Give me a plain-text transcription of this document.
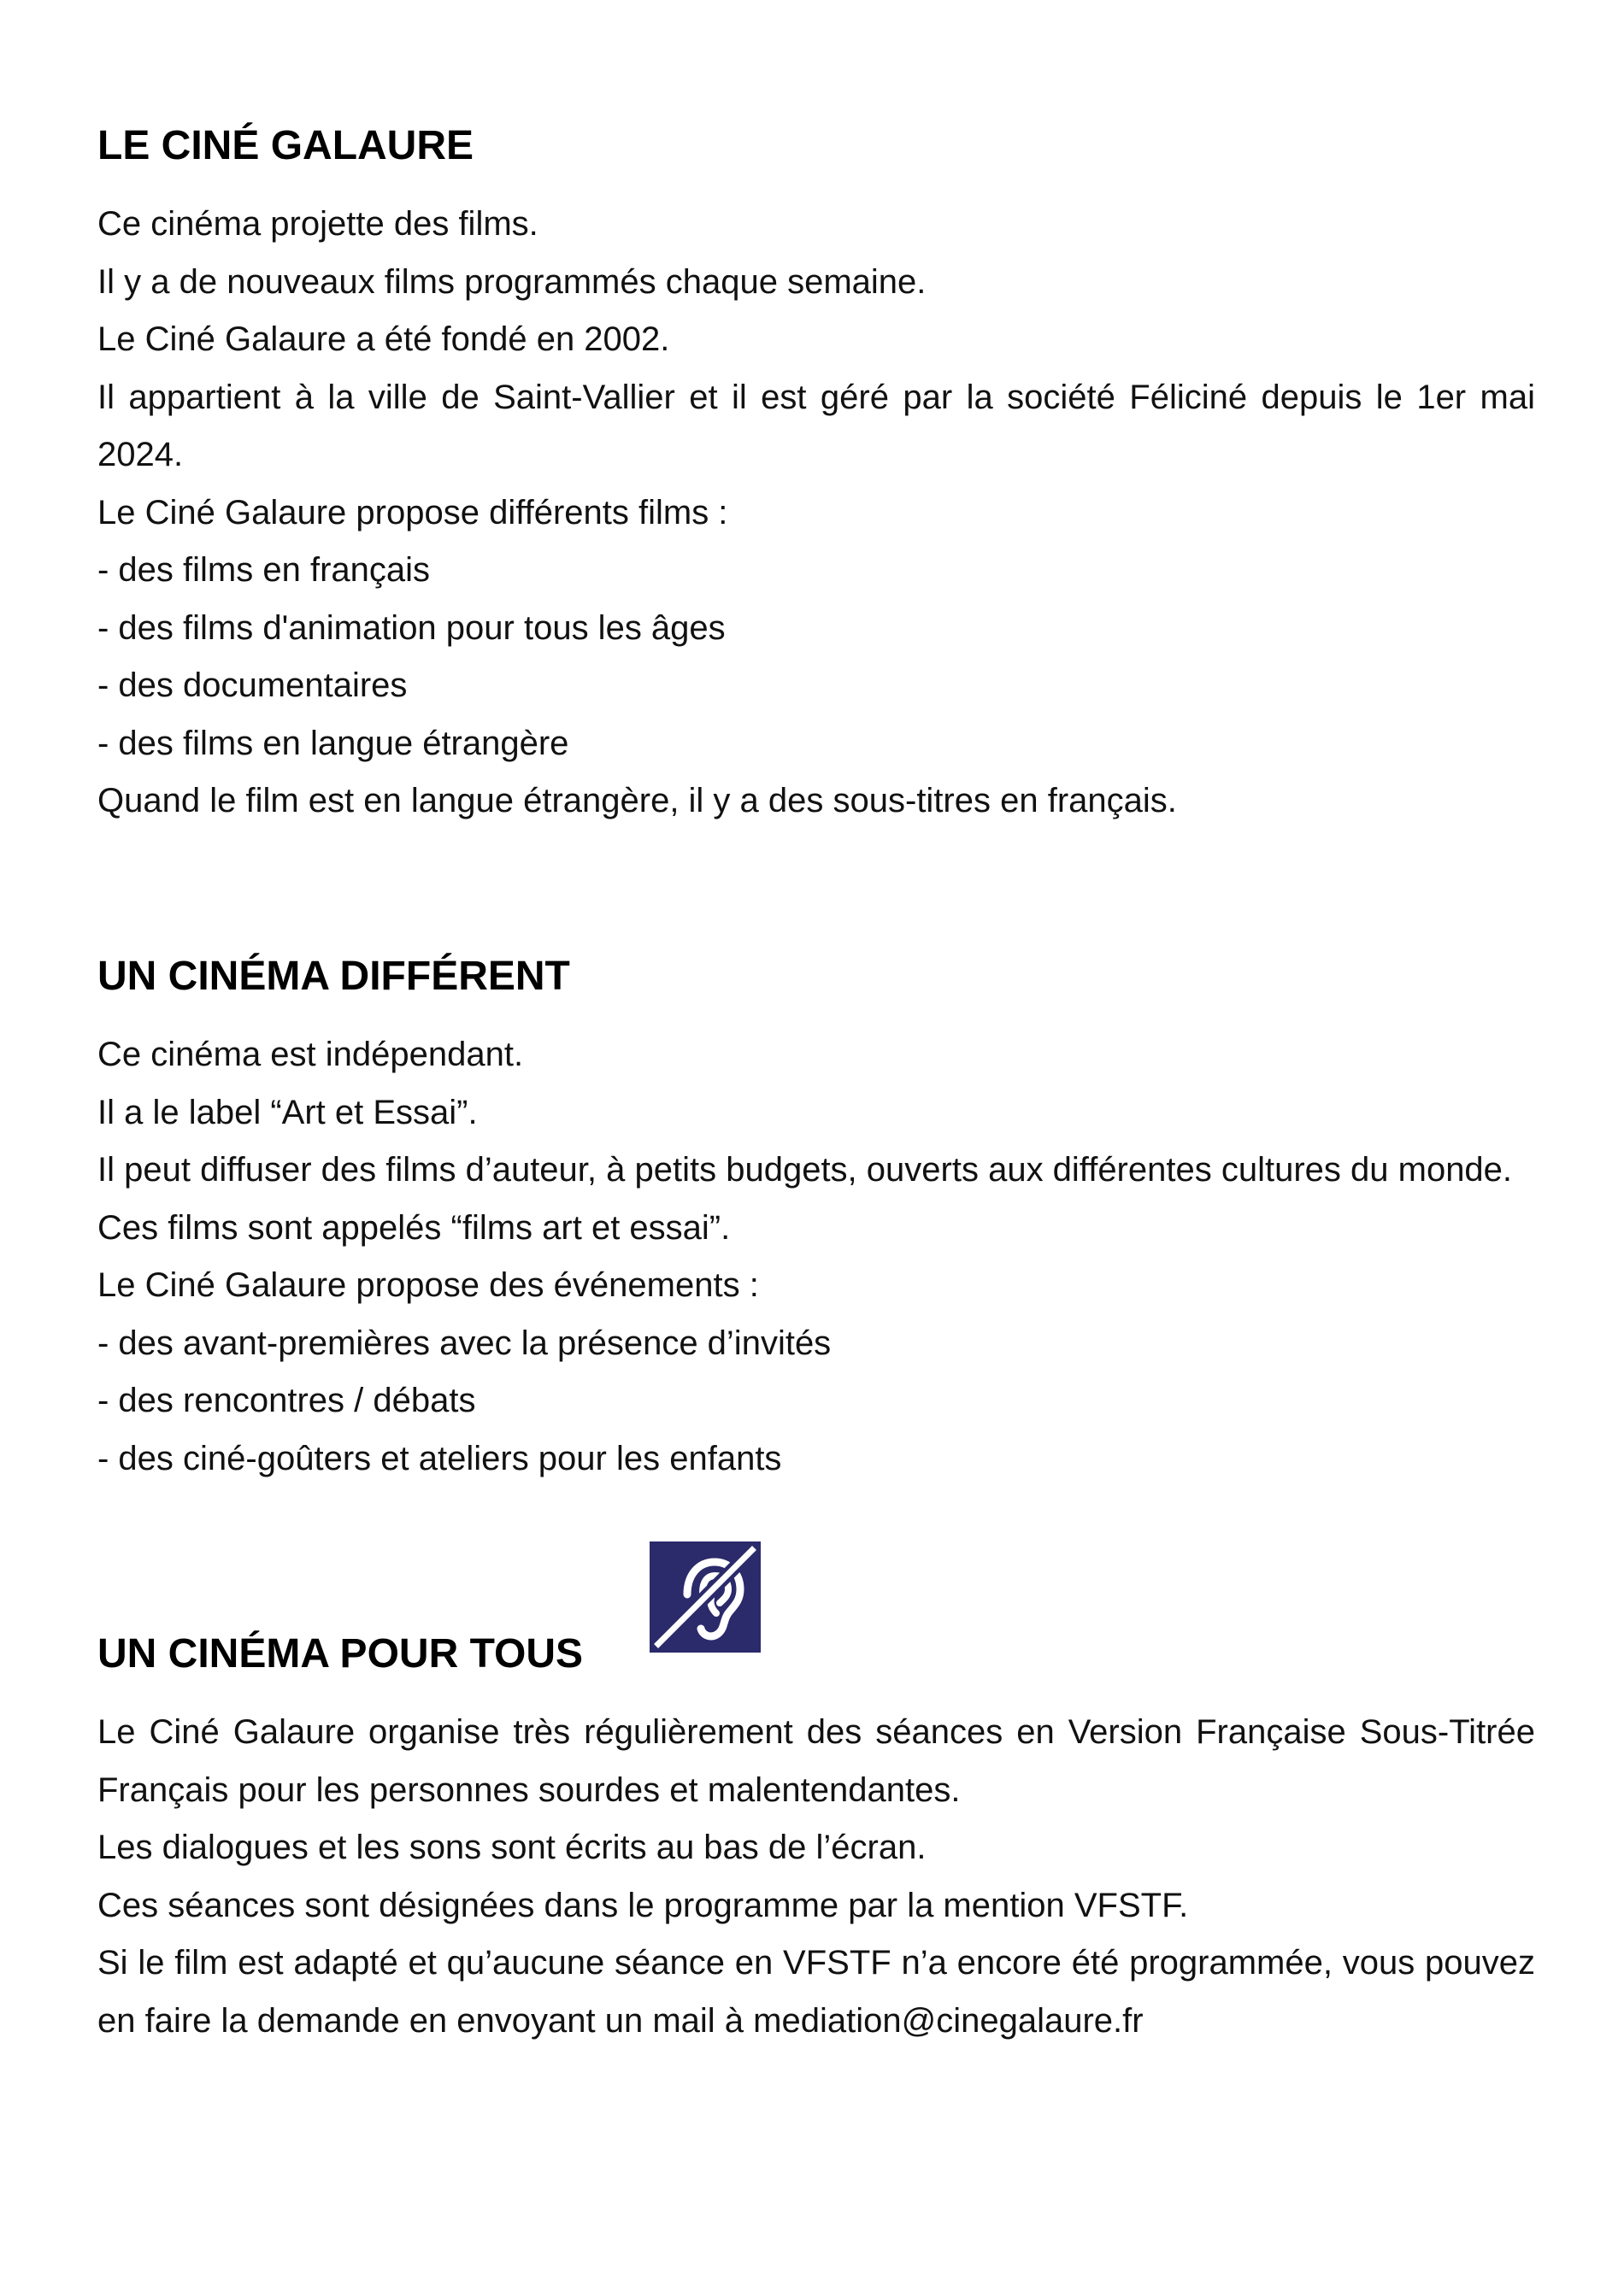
LE CINÉ GALAURE
Ce cinéma projette des films.
Il y a de nouveaux films programmés chaque semaine.
Le Ciné Galaure a été fondé en 2002.
Il appartient à la ville de Saint-Vallier et il est géré par la société Féliciné depuis le 1er mai 2024.
Le Ciné Galaure propose différents films :
- des films en français
- des films d'animation pour tous les âges
- des documentaires
- des films en langue étrangère
Quand le film est en langue étrangère, il y a des sous-titres en français.
UN CINÉMA DIFFÉRENT
Ce cinéma est indépendant.
Il a le label “Art et Essai”.
Il peut diffuser des films d’auteur, à petits budgets, ouverts aux différentes cultures du monde.
Ces films sont appelés “films art et essai”.
Le Ciné Galaure propose des événements :
- des avant-premières avec la présence d’invités
- des rencontres / débats
- des ciné-goûters et ateliers pour les enfants
UN CINÉMA POUR TOUS
Le Ciné Galaure organise très régulièrement des séances en Version Française Sous-Titrée Français pour les personnes sourdes et malentendantes.
Les dialogues et les sons sont écrits au bas de l’écran.
Ces séances sont désignées dans le programme par la mention VFSTF.
Si le film est adapté et qu’aucune séance en VFSTF n’a encore été programmée, vous pouvez en faire la demande en envoyant un mail à mediation@cinegalaure.fr
